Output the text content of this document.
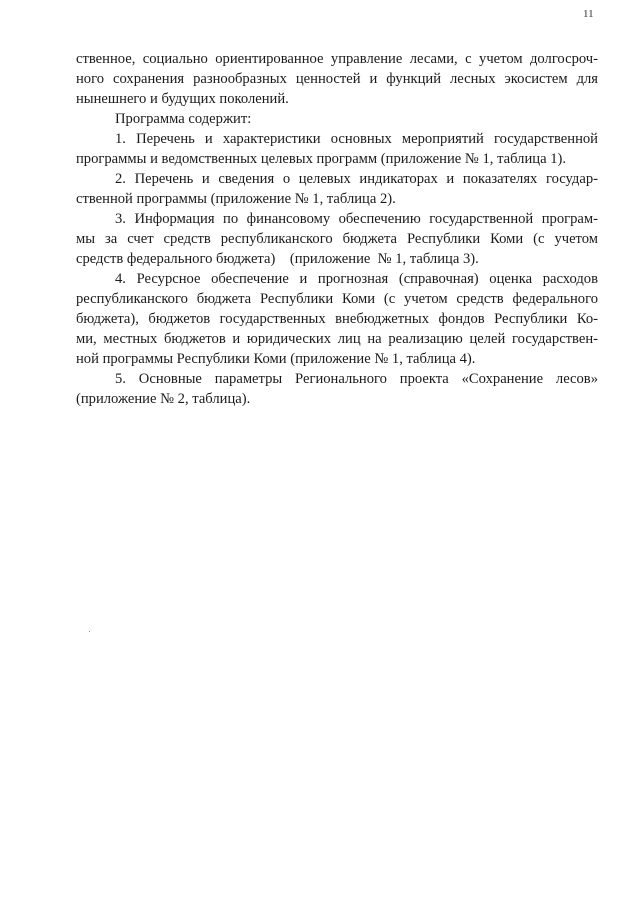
11
ственное, социально ориентированное управление лесами, с учетом долгосроч-
ного сохранения разнообразных ценностей и функций лесных экосистем для
нынешнего и будущих поколений.
Программа содержит:
1. Перечень и характеристики основных мероприятий государственной
программы и ведомственных целевых программ (приложение № 1, таблица 1).
2. Перечень и сведения о целевых индикаторах и показателях государ-
ственной программы (приложение № 1, таблица 2).
3. Информация по финансовому обеспечению государственной програм-
мы за счет средств республиканского бюджета Республики Коми (с учетом
средств федерального бюджета)    (приложение  № 1, таблица 3).
4. Ресурсное обеспечение и прогнозная (справочная) оценка расходов
республиканского бюджета Республики Коми (с учетом средств федерального
бюджета), бюджетов государственных внебюджетных фондов Республики Ко-
ми, местных бюджетов и юридических лиц на реализацию целей государствен-
ной программы Республики Коми (приложение № 1, таблица 4).
5. Основные параметры Регионального проекта «Сохранение лесов»
(приложение № 2, таблица).
